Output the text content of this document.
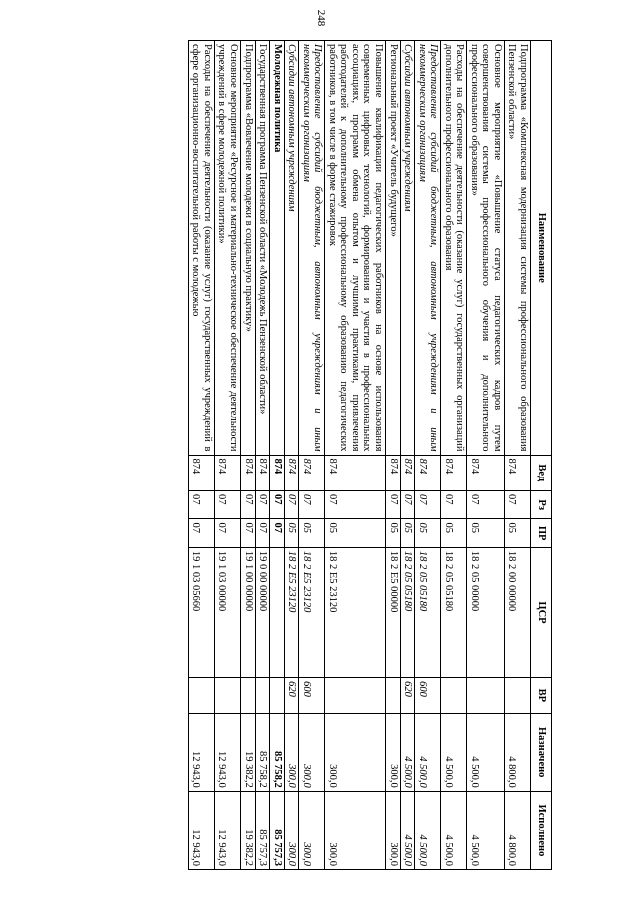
248
Наименование	Вед	Рз	ПР	ЦСР	ВР	Назначено	Исполнено
Подпрограмма «Комплексная модернизация системы профессионального образования Пензенской области»	874	07	05	18 2 00 00000		4 800,0	4 800,0
Основное мероприятие «Повышение статуса педагогических кадров путем совершенствования системы профессионального обучения и дополнительного профессионального образования»	874	07	05	18 2 05 00000		4 500,0	4 500,0
Расходы на обеспечение деятельности (оказание услуг) государственных организаций дополнительного профессионального образования	874	07	05	18 2 05 05180		4 500,0	4 500,0
Предоставление субсидий бюджетным, автономным учреждениям и иным некоммерческим организациям	874	07	05	18 2 05 05180	600	4 500,0	4 500,0
Субсидии автономным учреждениям	874	07	05	18 2 05 05180	620	4 500,0	4 500,0
Региональный проект «Учитель будущего»	874	07	05	18 2 E5 00000		300,0	300,0
Повышение квалификации педагогических работников на основе использования современных цифровых технологий, формирования и участия в профессиональных ассоциациях, программ обмена опытом и лучшими практиками, привлечения работодателей к дополнительному профессиональному образованию педагогических работников, в том числе в форме стажировок	874	07	05	18 2 E5 23120		300,0	300,0
Предоставление субсидий бюджетным, автономным учреждениям и иным некоммерческим организациям	874	07	05	18 2 E5 23120	600	300,0	300,0
Субсидии автономным учреждениям	874	07	05	18 2 E5 23120	620	300,0	300,0
Молодежная политика	874	07	07			85 758,2	85 757,3
Государственная программа Пензенской области «Молодежь Пензенской области»	874	07	07	19 0 00 00000		85 758,2	85 757,3
Подпрограмма «Вовлечение молодежи в социальную практику»	874	07	07	19 1 00 00000		19 382,2	19 382,2
Основное мероприятие «Ресурсное и материально-техническое обеспечение деятельности учреждений в сфере молодежной политики»	874	07	07	19 1 03 00000		12 943,0	12 943,0
Расходы на обеспечение деятельности (оказание услуг) государственных учреждений в сфере организационно-воспитательной работы с молодежью	874	07	07	19 1 03 05660		12 943,0	12 943,0
